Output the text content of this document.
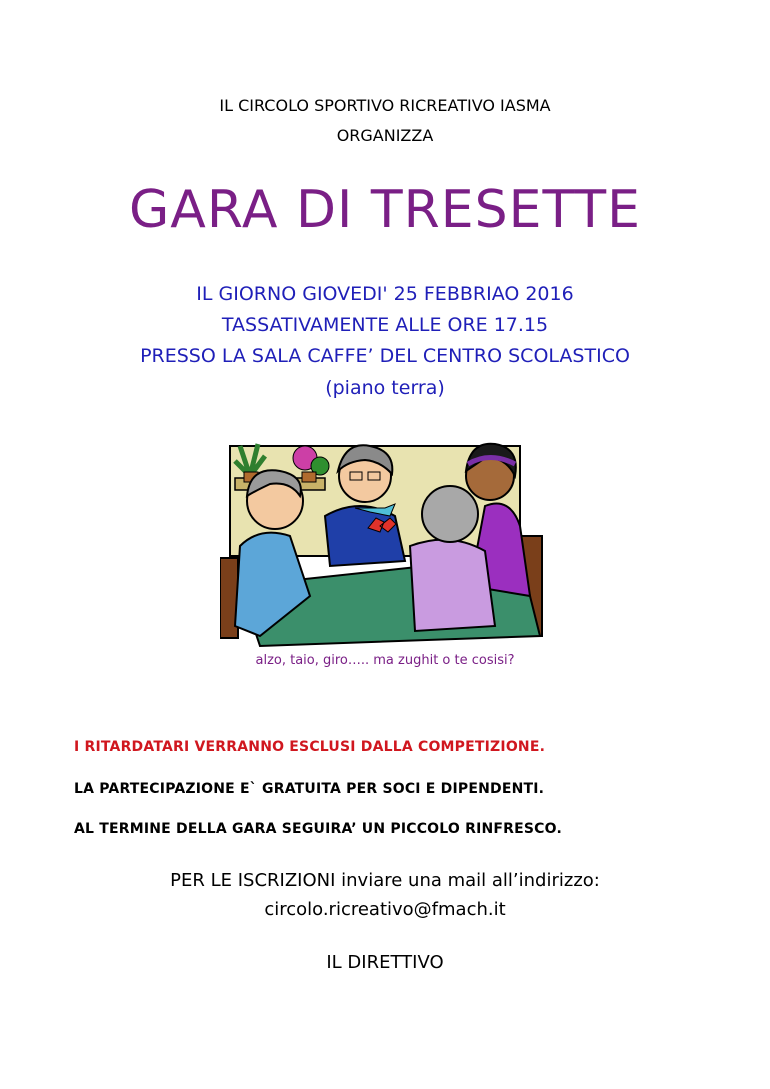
IL CIRCOLO SPORTIVO RICREATIVO IASMA
ORGANIZZA
GARA DI TRESETTE
IL GIORNO GIOVEDI' 25 FEBBRIAO 2016
TASSATIVAMENTE ALLE ORE 17.15
PRESSO LA SALA CAFFE’ DEL CENTRO SCOLASTICO
(piano terra)
alzo, taio, giro….. ma zughit o te cosisi?
I RITARDATARI VERRANNO ESCLUSI DALLA COMPETIZIONE.
LA PARTECIPAZIONE E` GRATUITA PER SOCI E DIPENDENTI.
AL TERMINE DELLA GARA SEGUIRA’ UN PICCOLO RINFRESCO.
PER LE ISCRIZIONI inviare una mail all’indirizzo:
circolo.ricreativo@fmach.it
IL DIRETTIVO
